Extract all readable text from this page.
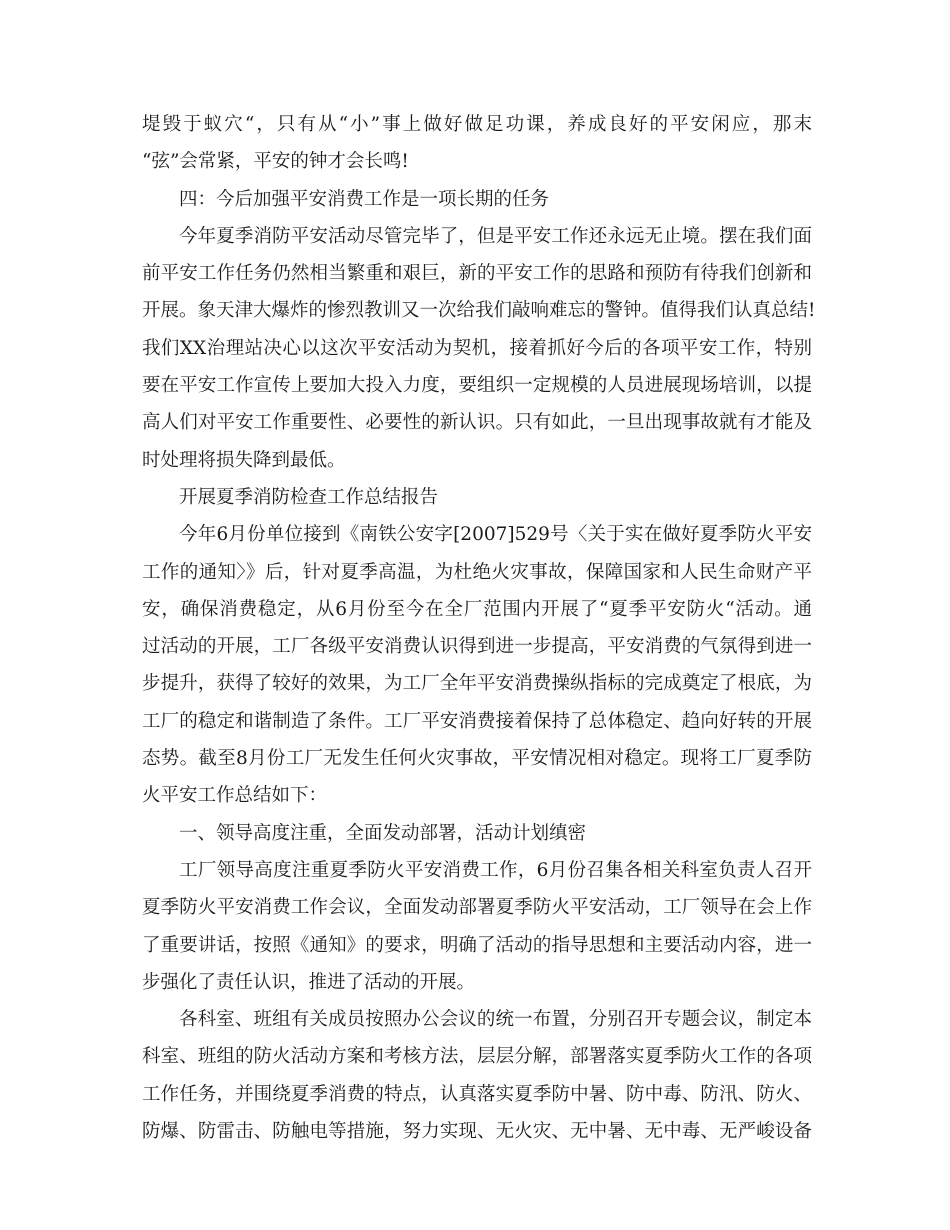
堤毁于蚁穴“，只有从“小”事上做好做足功课，养成良好的平安闲应，那末
“弦”会常紧，平安的钟才会长鸣!
四：今后加强平安消费工作是一项长期的任务
今年夏季消防平安活动尽管完毕了，但是平安工作还永远无止境。摆在我们面
前平安工作任务仍然相当繁重和艰巨，新的平安工作的思路和预防有待我们创新和
开展。象天津大爆炸的惨烈教训又一次给我们敲响难忘的警钟。值得我们认真总结!
我们XX治理站决心以这次平安活动为契机，接着抓好今后的各项平安工作，特别
要在平安工作宣传上要加大投入力度，要组织一定规模的人员进展现场培训，以提
高人们对平安工作重要性、必要性的新认识。只有如此，一旦出现事故就有才能及
时处理将损失降到最低。
开展夏季消防检查工作总结报告
今年6月份单位接到《南铁公安字[2007]529号〈关于实在做好夏季防火平安
工作的通知〉》后，针对夏季高温，为杜绝火灾事故，保障国家和人民生命财产平
安，确保消费稳定，从6月份至今在全厂范围内开展了“夏季平安防火“活动。通
过活动的开展，工厂各级平安消费认识得到进一步提高，平安消费的气氛得到进一
步提升，获得了较好的效果，为工厂全年平安消费操纵指标的完成奠定了根底，为
工厂的稳定和谐制造了条件。工厂平安消费接着保持了总体稳定、趋向好转的开展
态势。截至8月份工厂无发生任何火灾事故，平安情况相对稳定。现将工厂夏季防
火平安工作总结如下：
一、领导高度注重，全面发动部署，活动计划缜密
工厂领导高度注重夏季防火平安消费工作，6月份召集各相关科室负责人召开
夏季防火平安消费工作会议，全面发动部署夏季防火平安活动，工厂领导在会上作
了重要讲话，按照《通知》的要求，明确了活动的指导思想和主要活动内容，进一
步强化了责任认识，推进了活动的开展。
各科室、班组有关成员按照办公会议的统一布置，分别召开专题会议，制定本
科室、班组的防火活动方案和考核方法，层层分解，部署落实夏季防火工作的各项
工作任务，并围绕夏季消费的特点，认真落实夏季防中暑、防中毒、防汛、防火、
防爆、防雷击、防触电等措施，努力实现、无火灾、无中暑、无中毒、无严峻设备
